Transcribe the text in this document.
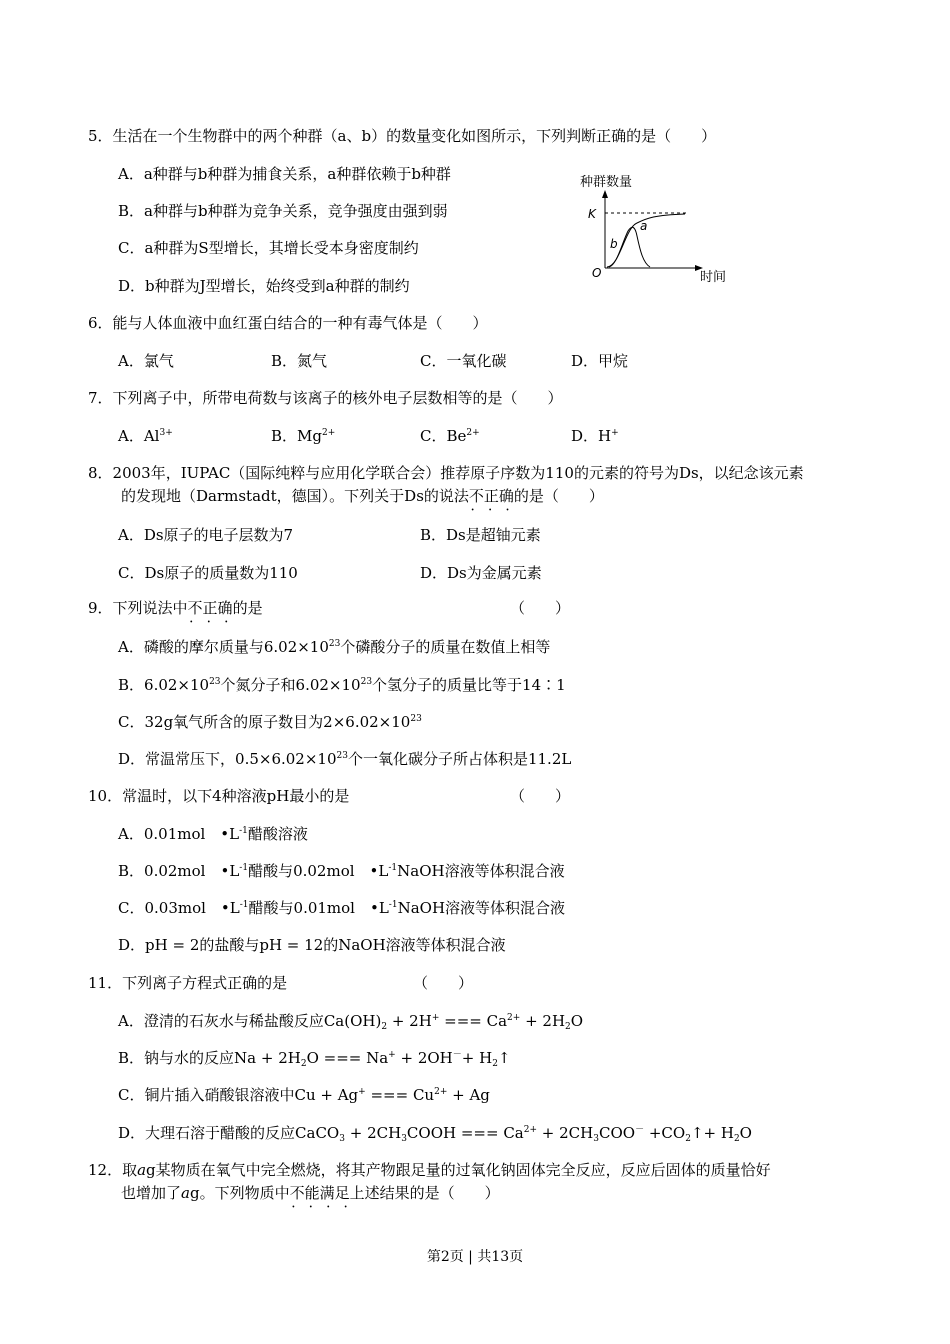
5．生活在一个生物群中的两个种群（a、b）的数量变化如图所示，下列判断正确的是（　　）
A．a种群与b种群为捕食关系，a种群依赖于b种群
B．a种群与b种群为竞争关系，竞争强度由强到弱
C．a种群为S型增长，其增长受本身密度制约
D．b种群为J型增长，始终受到a种群的制约
种群数量
K
O	时间
a
b
6．能与人体血液中血红蛋白结合的一种有毒气体是（　　）
A．氯气	B．氮气	C．一氧化碳	D．甲烷
7．下列离子中，所带电荷数与该离子的核外电子层数相等的是（　　）
A．$Al^{3+}$	B．$Mg^{2+}$	C．$Be^{2+}$	D．H+
8．2003年，IUPAC（国际纯粹与应用化学联合会）推荐原子序数为110的元素的符号为Ds，以纪念该元素
的发现地（Darmstadt，德国）。下列关于Ds的说法不正确 • • •的是（　　）
A．Ds原子的电子层数为7	B．Ds是超铀元素
C．Ds原子的质量数为110	D．Ds为金属元素
9．下列说法中不正确 • • •的是	（　　）
A．磷酸的摩尔质量与$6.02\times 10^{23}$个磷酸分子的质量在数值上相等
B．$6.02\times 10^{23}$个氮分子和$6.02\times 10^{23}$个氢分子的质量比等于14∶1
C．32g氧气所含的原子数目为$2\times 6.02\times 10^{23}$
D．常温常压下，$0.5\times 6.02\times 10^{23}$个一氧化碳分子所占体积是11.2L
10．常温时，以下4种溶液pH最小的是	（　　）
A．0.01mol　$•L^{-1}$醋酸溶液
B．0.02mol　$•L^{-1}$醋酸与0.02mol　$•L^{-1}NaOH$溶液等体积混合液
C．0.03mol　$•L^{-1}$醋酸与0.01mol　$•L^{-1}NaOH$溶液等体积混合液
D．pH = 2的盐酸与pH = 12的NaOH溶液等体积混合液
11．下列离子方程式正确的是	（　　）
A．澄清的石灰水与稀盐酸反应$Ca(OH)_2 + 2H^+$ === $Ca^{2+} + 2H_2O$
B．钠与水的反应$Na + 2H_2O$ === $Na^+ + 2OH^-+ H_2↑$
C．铜片插入硝酸银溶液中Cu + Ag+ === $Cu^{2+} + Ag$
D．大理石溶于醋酸的反应CaCO$_3$ + $2CH_3COOH$ === $Ca^{2+} + 2CH_3COO^-$ $+CO_2↑+ H_2O$
12．取ag某物质在氧气中完全燃烧，将其产物跟足量的过氧化钠固体完全反应，反应后固体的质量恰好
也增加了ag。下列物质中不能满足 • • • •上述结果的是（　　）
第2页 | 共13页
